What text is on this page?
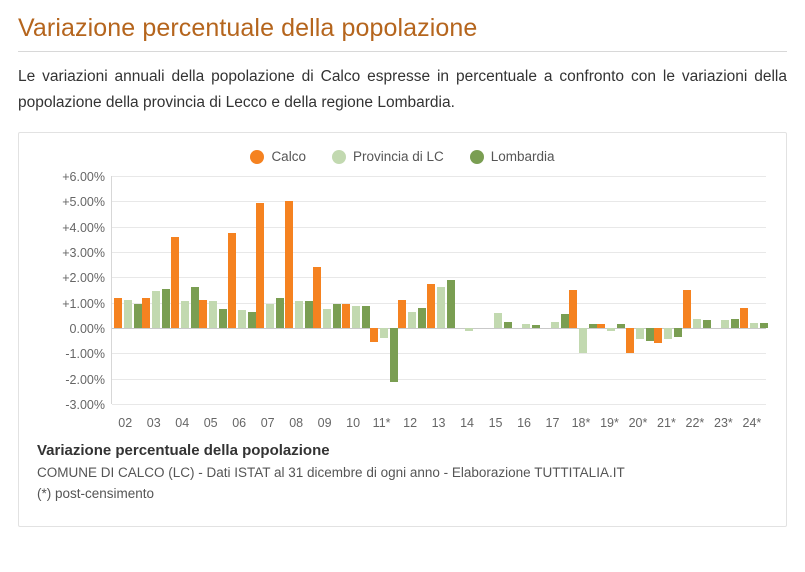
Variazione percentuale della popolazione

Le variazioni annuali della popolazione di Calco espresse in percentuale a confronto con le variazioni della popolazione della provincia di Lecco e della regione Lombardia.

Calco	Provincia di LC	Lombardia
+6.00%
+5.00%
+4.00%
+3.00%
+2.00%
+1.00%
0.00%
-1.00%
-2.00%
-3.00%
02	03	04	05	06	07	08	09	10	11*	12	13	14	15	16	17 18* 19* 20* 21* 22* 23* 24*
Variazione percentuale della popolazione
COMUNE DI CALCO (LC) - Dati ISTAT al 31 dicembre di ogni anno - Elaborazione TUTTITALIA.IT
(*) post-censimento
